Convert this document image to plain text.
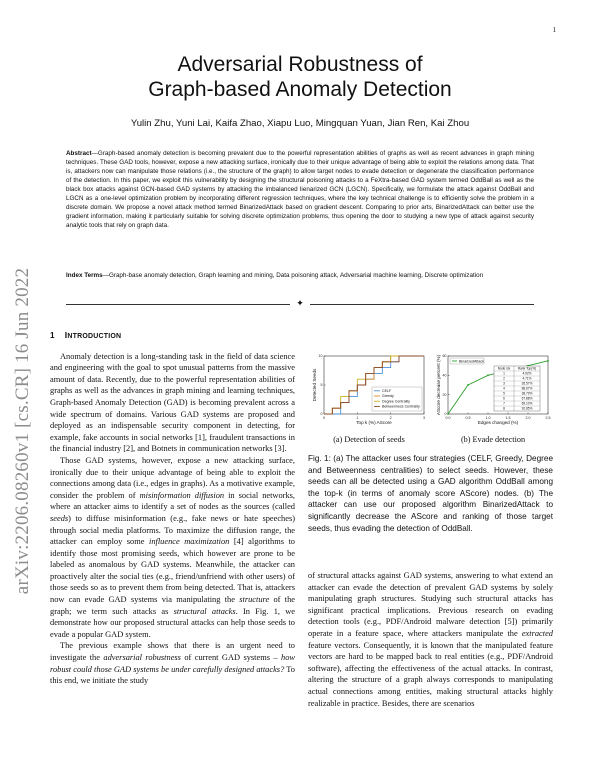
1
arXiv:2206.08260v1 [cs.CR] 16 Jun 2022
Adversarial Robustness of
Graph-based Anomaly Detection
Yulin Zhu, Yuni Lai, Kaifa Zhao, Xiapu Luo, Mingquan Yuan, Jian Ren, Kai Zhou
Abstract—Graph-based anomaly detection is becoming prevalent due to the powerful representation abilities of graphs as well as recent advances in graph mining techniques. These GAD tools, however, expose a new attacking surface, ironically due to their unique advantage of being able to exploit the relations among data. That is, attackers now can manipulate those relations (i.e., the structure of the graph) to allow target nodes to evade detection or degenerate the classification performance of the detection. In this paper, we exploit this vulnerability by designing the structural poisoning attacks to a FeXtra-based GAD system termed OddBall as well as the black box attacks against GCN-based GAD systems by attacking the imbalanced lienarized GCN (LGCN). Specifically, we formulate the attack against OddBall and LGCN as a one-level optimization problem by incorporating different regression techniques, where the key technical challenge is to efficiently solve the problem in a discrete domain. We propose a novel attack method termed BinarizedAttack based on gradient descent. Comparing to prior arts, BinarizedAttack can better use the gradient information, making it particularly suitable for solving discrete optimization problems, thus opening the door to studying a new type of attack against security analytic tools that rely on graph data.
Index Terms—Graph-base anomaly detection, Graph learning and mining, Data poisoning attack, Adversarial machine learning, Discrete optimization
✦
1 INTRODUCTION

Anomaly detection is a long-standing task in the field of data science and engineering with the goal to spot unusual patterns from the massive amount of data. Recently, due to the powerful representation abilities of graphs as well as the advances in graph mining and learning techniques, Graph-based Anomaly Detection (GAD) is becoming prevalent across a wide spectrum of domains. Various GAD systems are proposed and deployed as an indispensable security component in detecting, for example, fake accounts in social networks [1], fraudulent transactions in the financial industry [2], and Botnets in communication networks [3].

Those GAD systems, however, expose a new attacking surface, ironically due to their unique advantage of being able to exploit the connections among data (i.e., edges in graphs). As a motivative example, consider the problem of misinformation diffusion in social networks, where an attacker aims to identify a set of nodes as the sources (called seeds) to diffuse misinformation (e.g., fake news or hate speeches) through social media platforms. To maximize the diffusion range, the attacker can employ some influence maximization [4] algorithms to identify those most promising seeds, which however are prone to be labeled as anomalous by GAD systems. Meanwhile, the attacker can proactively alter the social ties (e.g., friend/unfriend with other users) of those seeds so as to prevent them from being detected. That is, attackers now can evade GAD systems via manipulating the structure of the graph; we term such attacks as structural attacks. In Fig. 1, we demonstrate how our proposed structural attacks can help those seeds to evade a popular GAD system.

The previous example shows that there is an urgent need to investigate the adversarial robustness of current GAD systems – how robust could those GAD systems be under carefully designed attacks? To this end, we initiate the study

0	1	2	3
0
5
10
Top k (%) AScore
Detected Seeds	CELF
Greedy
Degree Centrality
Betweenness Centrality
0.0	0.5	1.0	1.5	2.0	2.5
0
20
40
60
Edges changed (%)
AScore decrease percent (%)	BinarizedAttack
Node idx Rank Top(%)
1	4.92%
2	4.71%
3	35.57%
4	88.67%
5	38.79%
6	67.88%
7	69.10%
8	92.85%
(a) Detection of seeds	(b) Evade detection
Fig. 1: (a) The attacker uses four strategies (CELF, Greedy, Degree and Betweenness centralities) to select seeds. However, these seeds can all be detected using a GAD algorithm OddBall among the top-k (in terms of anomaly score AScore) nodes. (b) The attacker can use our proposed algorithm BinarizedAttack to significantly decrease the AScore and ranking of those target seeds, thus evading the detection of OddBall.

of structural attacks against GAD systems, answering to what extend an attacker can evade the detection of prevalent GAD systems by solely manipulating graph structures. Studying such structural attacks has significant practical implications. Previous research on evading detection tools (e.g., PDF/Android malware detection [5]) primarily operate in a feature space, where attackers manipulate the extracted feature vectors. Consequently, it is known that the manipulated feature vectors are hard to be mapped back to real entities (e.g., PDF/Android software), affecting the effectiveness of the actual attacks. In contrast, altering the structure of a graph always corresponds to manipulating actual connections among entities, making structural attacks highly realizable in practice. Besides, there are scenarios
